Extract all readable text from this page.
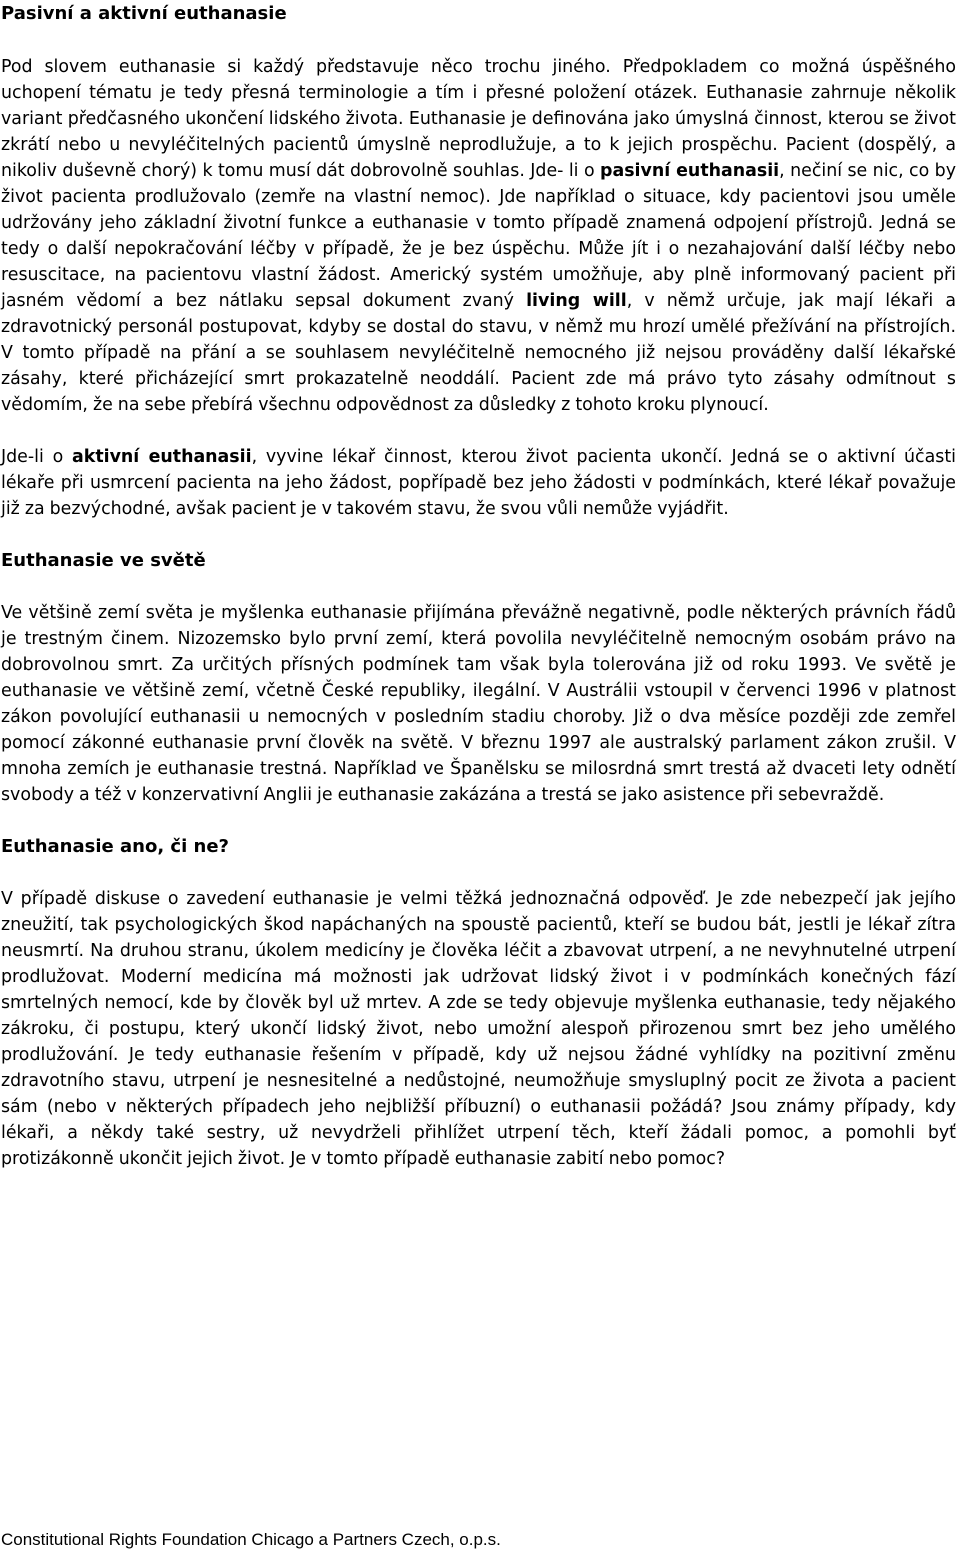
Pasivní a aktivní euthanasie

Pod slovem euthanasie si každý představuje něco trochu jiného. Předpokladem co možná úspěšného uchopení tématu je tedy přesná terminologie a tím i přesné položení otázek. Euthanasie zahrnuje několik variant předčasného ukončení lidského života. Euthanasie je definována jako úmyslná činnost, kterou se život zkrátí nebo u nevyléčitelných pacientů úmyslně neprodlužuje, a to k jejich prospěchu. Pacient (dospělý, a nikoliv duševně chorý) k tomu musí dát dobrovolně souhlas. Jde- li o pasivní euthanasii, nečiní se nic, co by život pacienta prodlužovalo (zemře na vlastní nemoc). Jde například o situace, kdy pacientovi jsou uměle udržovány jeho základní životní funkce a euthanasie v tomto případě znamená odpojení přístrojů. Jedná se tedy o další nepokračování léčby v případě, že je bez úspěchu. Může jít i o nezahajování další léčby nebo resuscitace, na pacientovu vlastní žádost. Americký systém umožňuje, aby plně informovaný pacient při jasném vědomí a bez nátlaku sepsal dokument zvaný living will, v němž určuje, jak mají lékaři a zdravotnický personál postupovat, kdyby se dostal do stavu, v němž mu hrozí umělé přežívání na přístrojích. V tomto případě na přání a se souhlasem nevyléčitelně nemocného již nejsou prováděny další lékařské zásahy, které přicházející smrt prokazatelně neoddálí. Pacient zde má právo tyto zásahy odmítnout s vědomím, že na sebe přebírá všechnu odpovědnost za důsledky z tohoto kroku plynoucí.

Jde-li o aktivní euthanasii, vyvine lékař činnost, kterou život pacienta ukončí. Jedná se o aktivní účasti lékaře při usmrcení pacienta na jeho žádost, popřípadě bez jeho žádosti v podmínkách, které lékař považuje již za bezvýchodné, avšak pacient je v takovém stavu, že svou vůli nemůže vyjádřit.

Euthanasie ve světě

Ve většině zemí světa je myšlenka euthanasie přijímána převážně negativně, podle některých právních řádů je trestným činem. Nizozemsko bylo první zemí, která povolila nevyléčitelně nemocným osobám právo na dobrovolnou smrt. Za určitých přísných podmínek tam však byla tolerována již od roku 1993. Ve světě je euthanasie ve většině zemí, včetně České republiky, ilegální. V Austrálii vstoupil v červenci 1996 v platnost zákon povolující euthanasii u nemocných v posledním stadiu choroby. Již o dva měsíce později zde zemřel pomocí zákonné euthanasie první člověk na světě. V březnu 1997 ale australský parlament zákon zrušil. V mnoha zemích je euthanasie trestná. Například ve Španělsku se milosrdná smrt trestá až dvaceti lety odnětí svobody a též v konzervativní Anglii je euthanasie zakázána a trestá se jako asistence při sebevraždě.

Euthanasie ano, či ne?

V případě diskuse o zavedení euthanasie je velmi těžká jednoznačná odpověď. Je zde nebezpečí jak jejího zneužití, tak psychologických škod napáchaných na spoustě pacientů, kteří se budou bát, jestli je lékař zítra neusmrtí. Na druhou stranu, úkolem medicíny je člověka léčit a zbavovat utrpení, a ne nevyhnutelné utrpení prodlužovat. Moderní medicína má možnosti jak udržovat lidský život i v podmínkách konečných fází smrtelných nemocí, kde by člověk byl už mrtev. A zde se tedy objevuje myšlenka euthanasie, tedy nějakého zákroku, či postupu, který ukončí lidský život, nebo umožní alespoň přirozenou smrt bez jeho umělého prodlužování. Je tedy euthanasie řešením v případě, kdy už nejsou žádné vyhlídky na pozitivní změnu zdravotního stavu, utrpení je nesnesitelné a nedůstojné, neumožňuje smysluplný pocit ze života a pacient sám (nebo v některých případech jeho nejbližší příbuzní) o euthanasii požádá? Jsou známy případy, kdy lékaři, a někdy také sestry, už nevydrželi přihlížet utrpení těch, kteří žádali pomoc, a pomohli byť protizákonně ukončit jejich život. Je v tomto případě euthanasie zabití nebo pomoc?

Constitutional Rights Foundation Chicago a Partners Czech, o.p.s.
